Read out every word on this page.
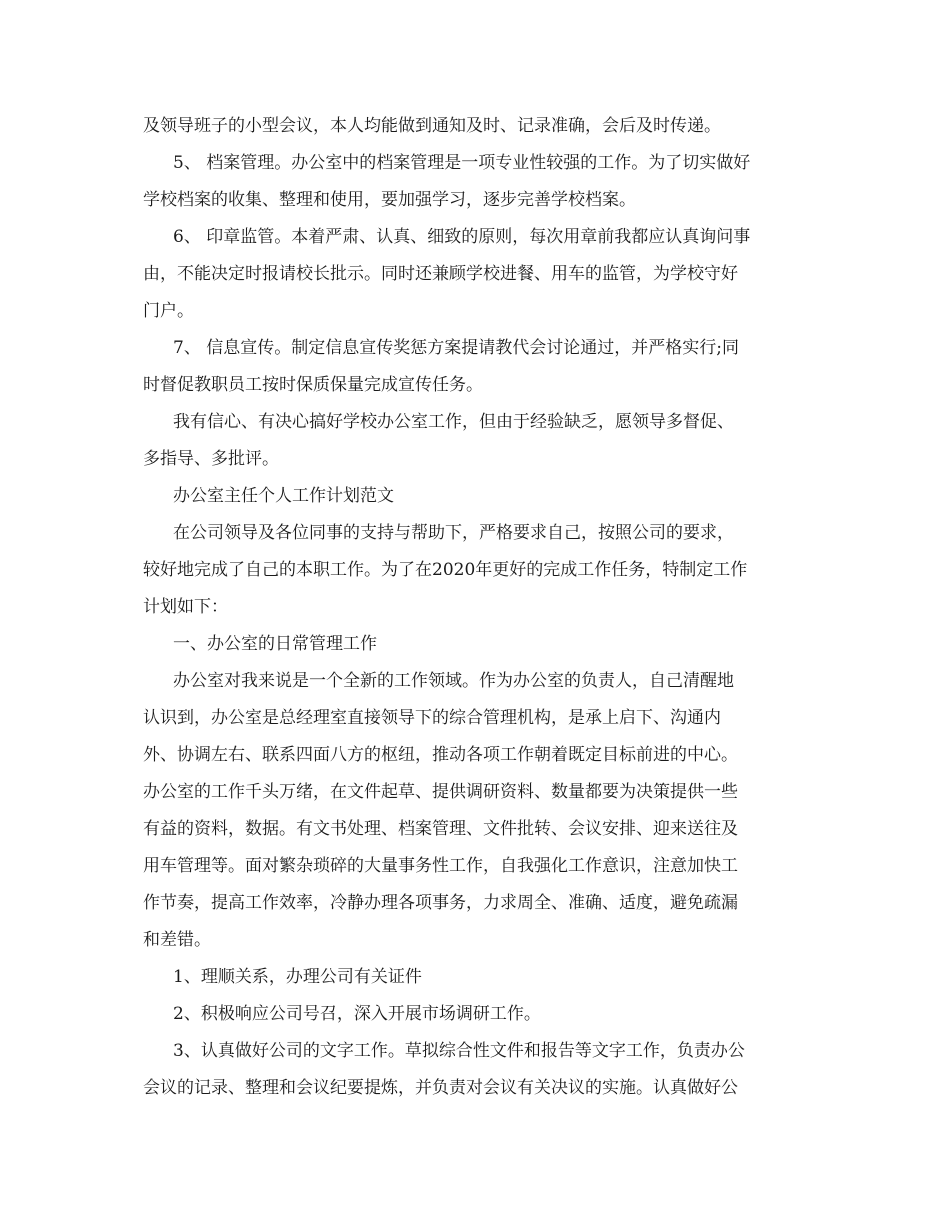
及领导班子的小型会议，本人均能做到通知及时、记录准确，会后及时传递。
5、 档案管理。办公室中的档案管理是一项专业性较强的工作。为了切实做好
学校档案的收集、整理和使用，要加强学习，逐步完善学校档案。
6、 印章监管。本着严肃、认真、细致的原则，每次用章前我都应认真询问事
由，不能决定时报请校长批示。同时还兼顾学校进餐、用车的监管，为学校守好
门户。
7、 信息宣传。制定信息宣传奖惩方案提请教代会讨论通过，并严格实行;同
时督促教职员工按时保质保量完成宣传任务。
我有信心、有决心搞好学校办公室工作，但由于经验缺乏，愿领导多督促、
多指导、多批评。
办公室主任个人工作计划范文
在公司领导及各位同事的支持与帮助下，严格要求自己，按照公司的要求，
较好地完成了自己的本职工作。为了在2020年更好的完成工作任务，特制定工作
计划如下：
一、办公室的日常管理工作
办公室对我来说是一个全新的工作领域。作为办公室的负责人，自己清醒地
认识到，办公室是总经理室直接领导下的综合管理机构，是承上启下、沟通内
外、协调左右、联系四面八方的枢纽，推动各项工作朝着既定目标前进的中心。
办公室的工作千头万绪，在文件起草、提供调研资料、数量都要为决策提供一些
有益的资料，数据。有文书处理、档案管理、文件批转、会议安排、迎来送往及
用车管理等。面对繁杂琐碎的大量事务性工作，自我强化工作意识，注意加快工
作节奏，提高工作效率，冷静办理各项事务，力求周全、准确、适度，避免疏漏
和差错。
1、理顺关系，办理公司有关证件
2、积极响应公司号召，深入开展市场调研工作。
3、认真做好公司的文字工作。草拟综合性文件和报告等文字工作，负责办公
会议的记录、整理和会议纪要提炼，并负责对会议有关决议的实施。认真做好公
